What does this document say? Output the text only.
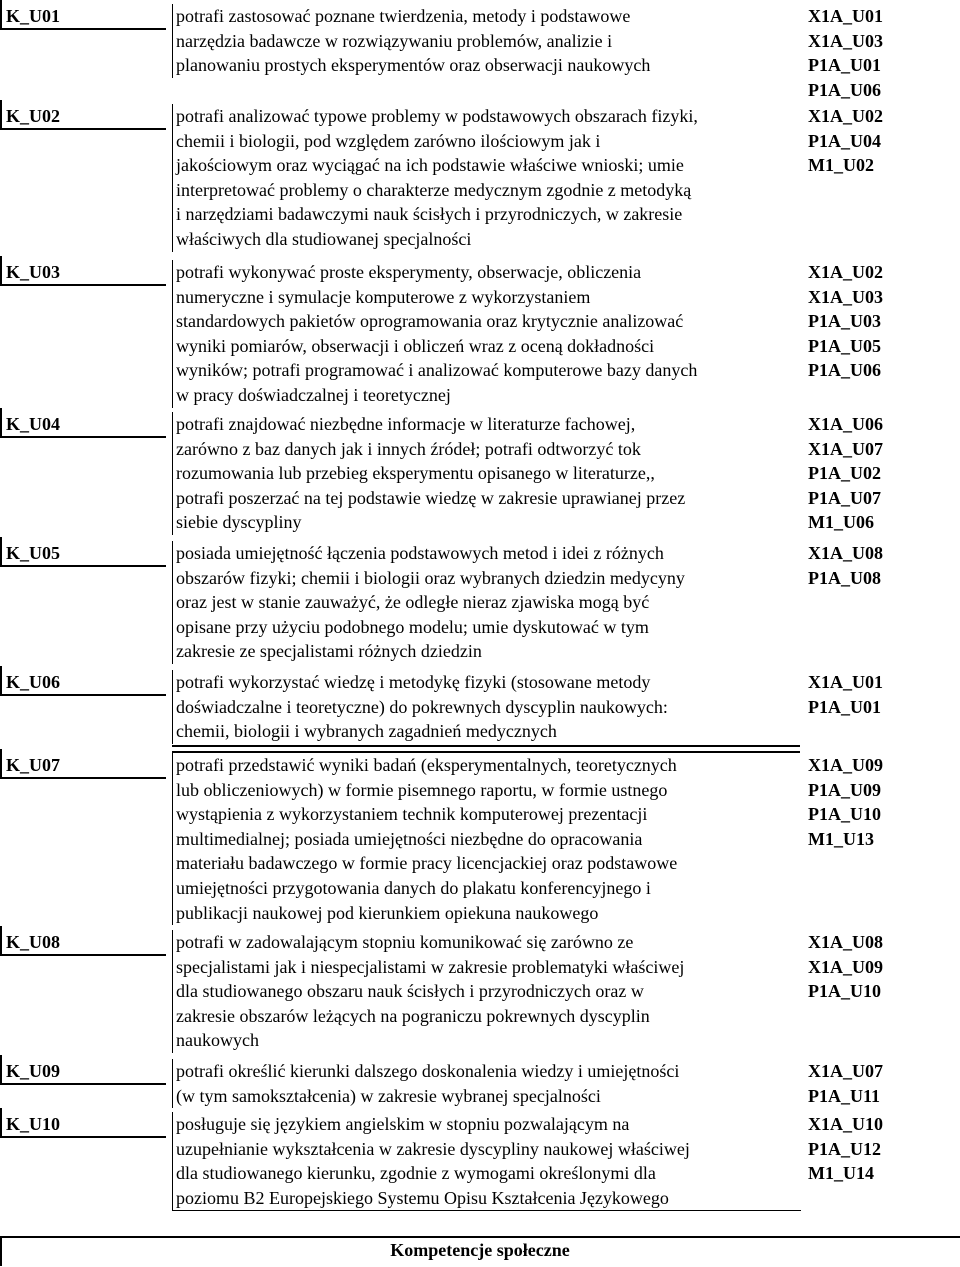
K_U01	potrafi zastosować poznane twierdzenia, metody i podstawowe
narzędzia badawcze w rozwiązywaniu problemów, analizie i
planowaniu prostych eksperymentów oraz obserwacji naukowych

X1A_U01
X1A_U03
P1A_U01
P1A_U06
K_U02	potrafi analizować typowe problemy w podstawowych obszarach fizyki,
chemii i biologii, pod względem zarówno ilościowym jak i
jakościowym oraz wyciągać na ich podstawie właściwe wnioski; umie
interpretować problemy o charakterze medycznym zgodnie z metodyką
i narzędziami badawczymi nauk ścisłych i przyrodniczych, w zakresie
właściwych dla studiowanej specjalności

X1A_U02
P1A_U04
M1_U02
K_U03	potrafi wykonywać proste eksperymenty, obserwacje, obliczenia
numeryczne i symulacje komputerowe z wykorzystaniem
standardowych pakietów oprogramowania oraz krytycznie analizować
wyniki pomiarów, obserwacji i obliczeń wraz z oceną dokładności
wyników; potrafi programować i analizować komputerowe bazy danych
w pracy doświadczalnej i teoretycznej

X1A_U02
X1A_U03
P1A_U03
P1A_U05
P1A_U06
K_U04	potrafi znajdować niezbędne informacje w literaturze fachowej,
zarówno z baz danych jak i innych źródeł; potrafi odtworzyć tok
rozumowania lub przebieg eksperymentu opisanego w literaturze,,
potrafi poszerzać na tej podstawie wiedzę w zakresie uprawianej przez
siebie dyscypliny

X1A_U06
X1A_U07
P1A_U02
P1A_U07
M1_U06
K_U05	posiada umiejętność łączenia podstawowych metod i idei z różnych
obszarów fizyki; chemii i biologii oraz wybranych dziedzin medycyny
oraz jest w stanie zauważyć, że odległe nieraz zjawiska mogą być
opisane przy użyciu podobnego modelu; umie dyskutować w tym
zakresie ze specjalistami różnych dziedzin

X1A_U08
P1A_U08
K_U06	potrafi wykorzystać wiedzę i metodykę fizyki (stosowane metody
doświadczalne i teoretyczne) do pokrewnych dyscyplin naukowych:
chemii, biologii i wybranych zagadnień medycznych

X1A_U01
P1A_U01
K_U07	potrafi przedstawić wyniki badań (eksperymentalnych, teoretycznych
lub obliczeniowych) w formie pisemnego raportu, w formie ustnego
wystąpienia z wykorzystaniem technik komputerowej prezentacji
multimedialnej; posiada umiejętności niezbędne do opracowania
materiału badawczego w formie pracy licencjackiej oraz podstawowe
umiejętności przygotowania danych do plakatu konferencyjnego i
publikacji naukowej pod kierunkiem opiekuna naukowego

X1A_U09
P1A_U09
P1A_U10
M1_U13
K_U08	potrafi w zadowalającym stopniu komunikować się zarówno ze
specjalistami jak i niespecjalistami w zakresie problematyki właściwej
dla studiowanego obszaru nauk ścisłych i przyrodniczych oraz w
zakresie obszarów leżących na pograniczu pokrewnych dyscyplin
naukowych

X1A_U08
X1A_U09
P1A_U10
K_U09	potrafi określić kierunki dalszego doskonalenia wiedzy i umiejętności
(w tym samokształcenia) w zakresie wybranej specjalności

X1A_U07
P1A_U11
K_U10	posługuje się językiem angielskim w stopniu pozwalającym na
uzupełnianie wykształcenia w zakresie dyscypliny naukowej właściwej
dla studiowanego kierunku, zgodnie z wymogami określonymi dla
poziomu B2 Europejskiego Systemu Opisu Kształcenia Językowego

X1A_U10
P1A_U12
M1_U14
Kompetencje społeczne
